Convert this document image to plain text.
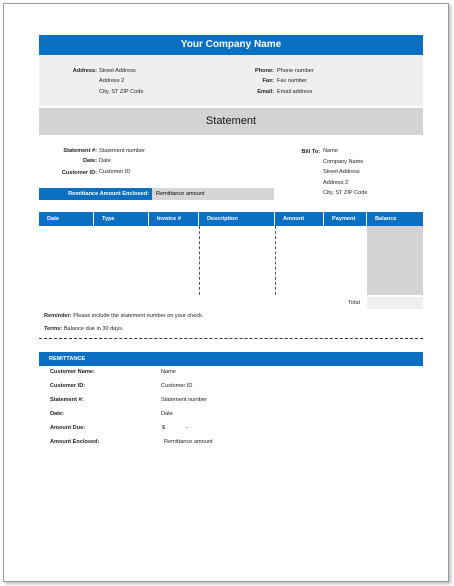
Your Company Name
Address: Street Address
Address 2
City, ST ZIP Code
Phone: Phone number
Fax: Fax number
Email: Email address
Statement
Statement #: Statement number
Date: Date
Customer ID: Customer ID
Bill To: Name
Company Name
Street Address
Address 2
City, ST ZIP Code
Remittance Amount Enclosed:	Remittance amount
Date	Type	Invoice #	Description	Amount	Payment	Balance
Total
Reminder: Please include the statement number on your check.
Terms: Balance due in 30 days.
REMITTANCE
Customer Name:	Name
Customer ID:	Customer ID
Statement #:	Statement number
Date:	Date
Amount Due:	$	-
Amount Enclosed:	Remittance amount
